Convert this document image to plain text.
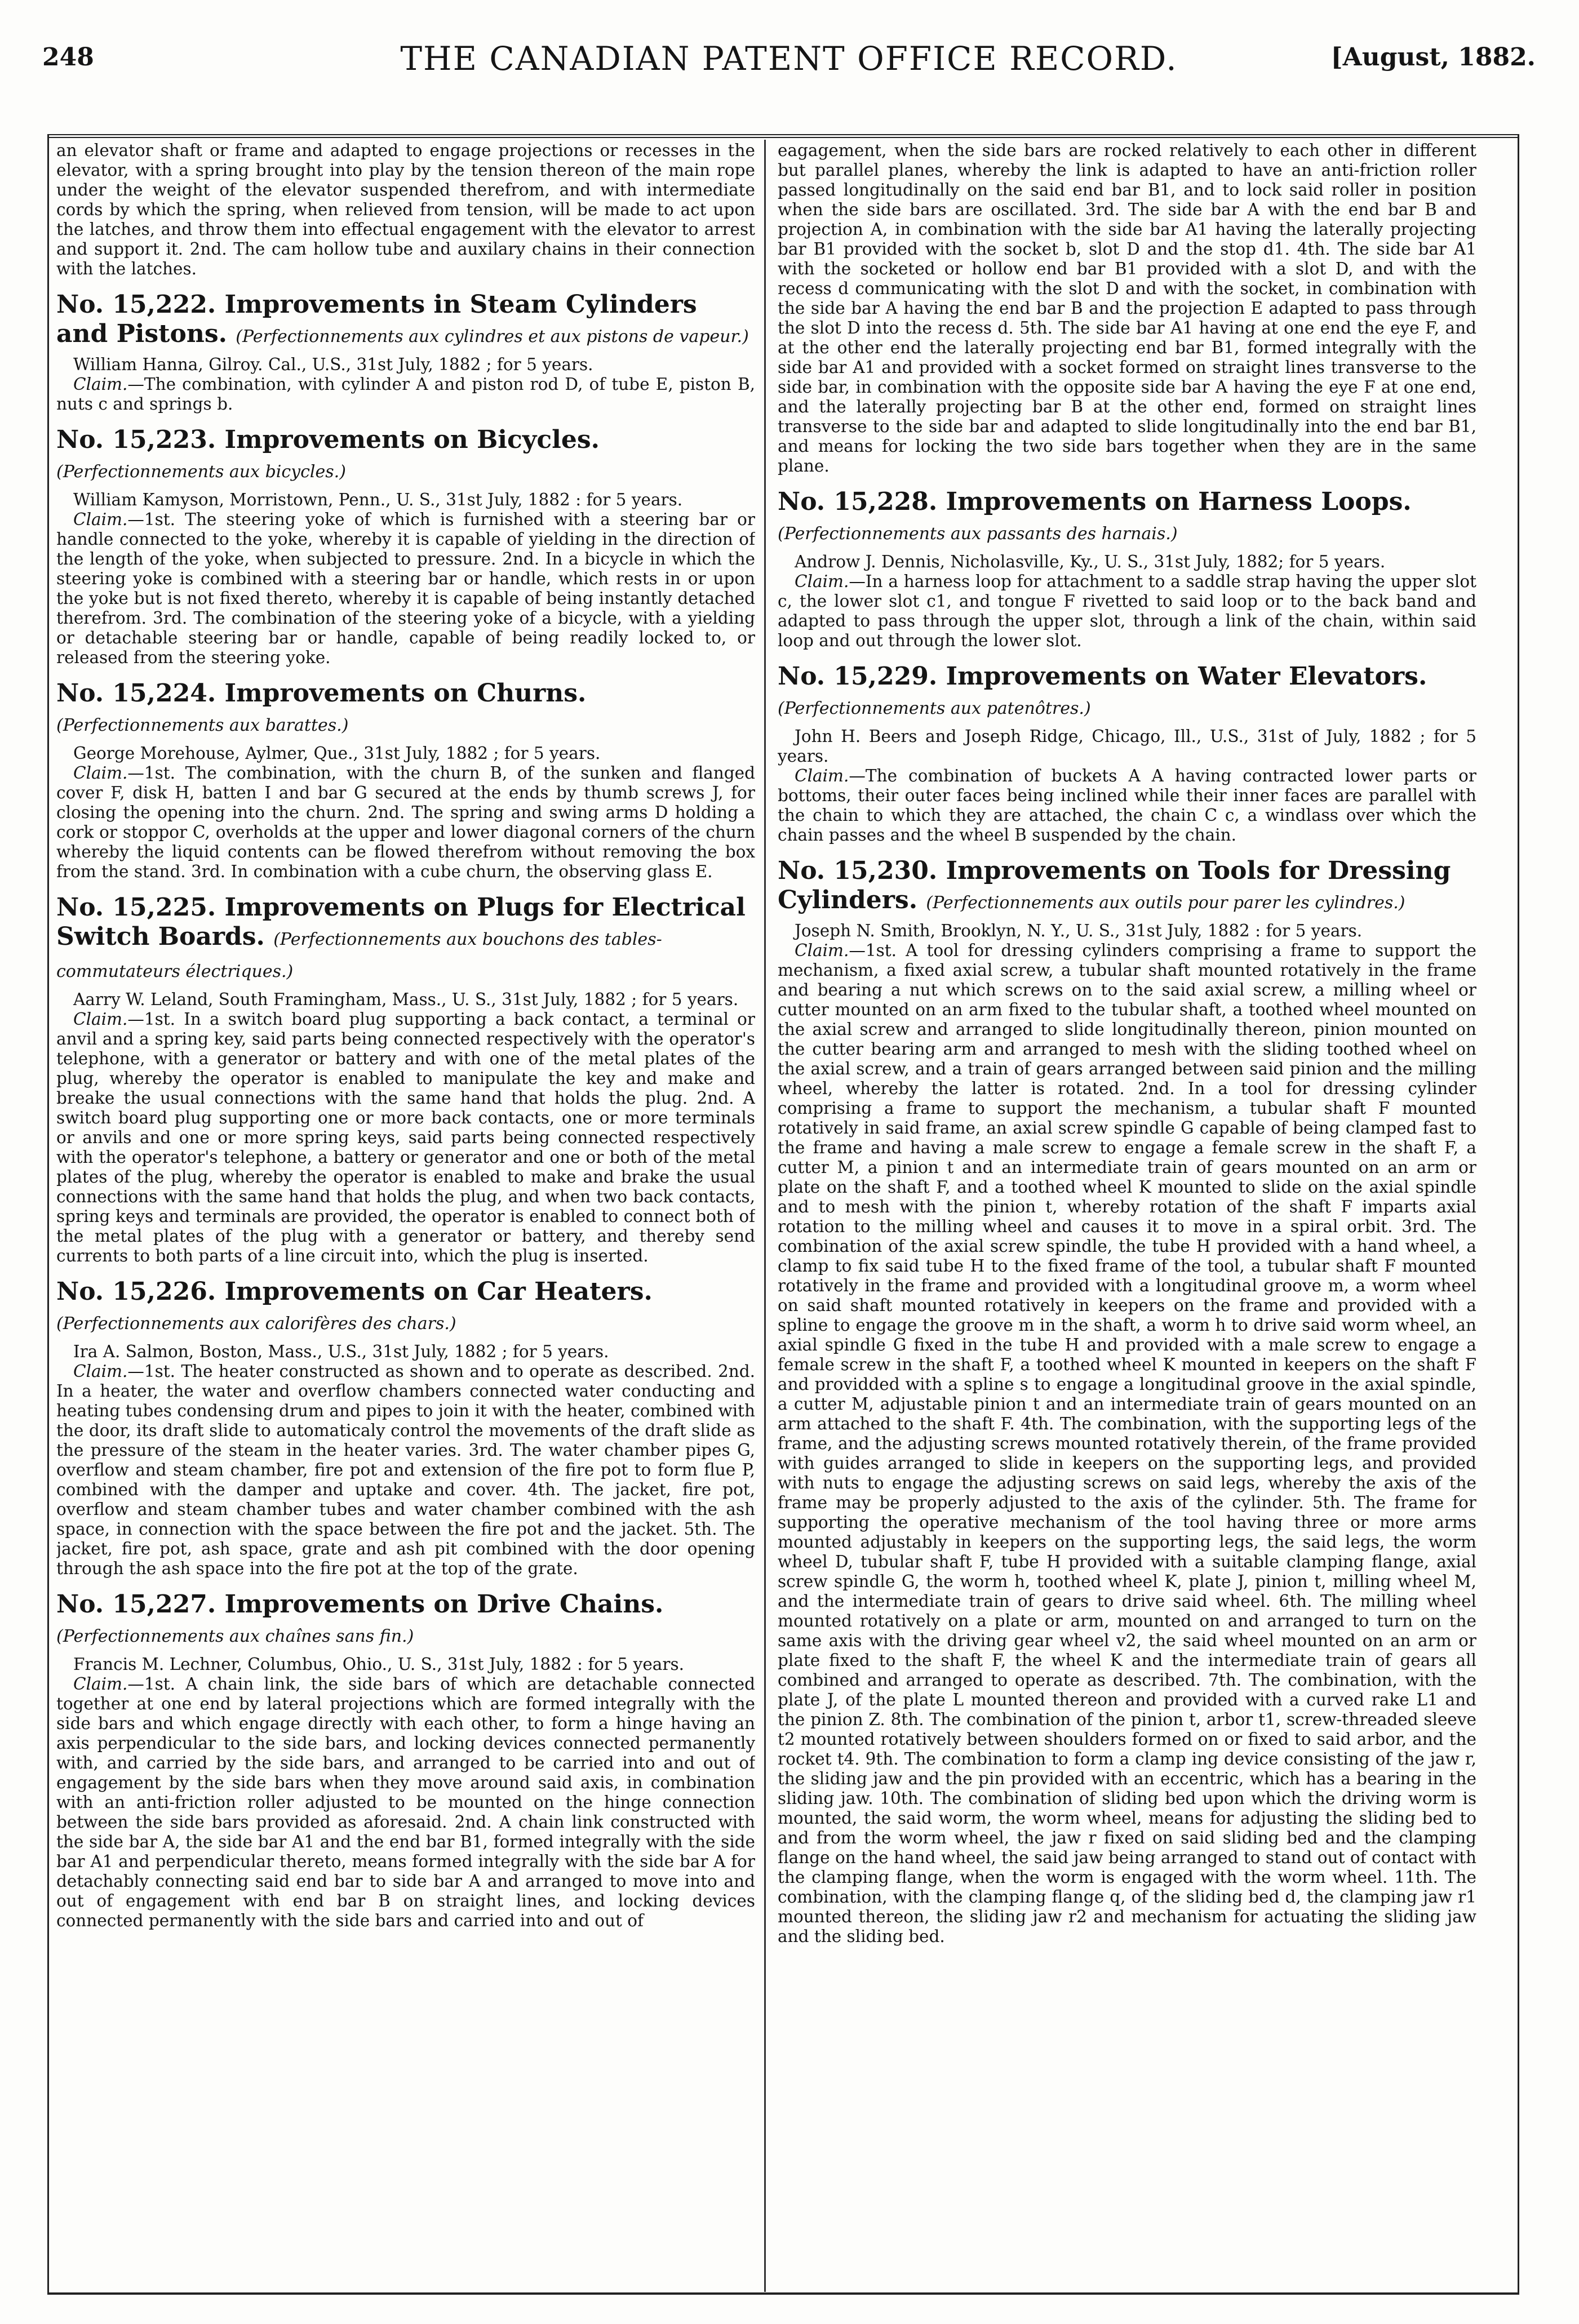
248	THE CANADIAN PATENT OFFICE RECORD.	[August, 1882.

an elevator shaft or frame and adapted to engage projections or recesses in the elevator, with a spring brought into play by the tension thereon of the main rope under the weight of the elevator suspended therefrom, and with intermediate cords by which the spring, when relieved from tension, will be made to act upon the latches, and throw them into effectual engagement with the elevator to arrest and support it. 2nd. The cam hollow tube and auxilary chains in their connection with the latches.

No. 15,222. Improvements in Steam Cylinders and Pistons. (Perfectionnements aux cylindres et aux pistons de vapeur.)

William Hanna, Gilroy. Cal., U.S., 31st July, 1882 ; for 5 years.

Claim.—The combination, with cylinder A and piston rod D, of tube E, piston B, nuts c and springs b.

No. 15,223. Improvements on Bicycles. (Perfectionnements aux bicycles.)

William Kamyson, Morristown, Penn., U. S., 31st July, 1882 : for 5 years.

Claim.—1st. The steering yoke of which is furnished with a steering bar or handle connected to the yoke, whereby it is capable of yielding in the direction of the length of the yoke, when subjected to pressure. 2nd. In a bicycle in which the steering yoke is combined with a steering bar or handle, which rests in or upon the yoke but is not fixed thereto, whereby it is capable of being instantly detached therefrom. 3rd. The combination of the steering yoke of a bicycle, with a yielding or detachable steering bar or handle, capable of being readily locked to, or released from the steering yoke.

No. 15,224. Improvements on Churns. (Perfectionnements aux barattes.)

George Morehouse, Aylmer, Que., 31st July, 1882 ; for 5 years.

Claim.—1st. The combination, with the churn B, of the sunken and flanged cover F, disk H, batten I and bar G secured at the ends by thumb screws J, for closing the opening into the churn. 2nd. The spring and swing arms D holding a cork or stoppor C, overholds at the upper and lower diagonal corners of the churn whereby the liquid contents can be flowed therefrom without removing the box from the stand. 3rd. In combination with a cube churn, the observing glass E.

No. 15,225. Improvements on Plugs for Electrical Switch Boards. (Perfectionnements aux bouchons des tables-commutateurs électriques.)

Aarry W. Leland, South Framingham, Mass., U. S., 31st July, 1882 ; for 5 years.

Claim.—1st. In a switch board plug supporting a back contact, a terminal or anvil and a spring key, said parts being connected respectively with the operator's telephone, with a generator or battery and with one of the metal plates of the plug, whereby the operator is enabled to manipulate the key and make and breake the usual connections with the same hand that holds the plug. 2nd. A switch board plug supporting one or more back contacts, one or more terminals or anvils and one or more spring keys, said parts being connected respectively with the operator's telephone, a battery or generator and one or both of the metal plates of the plug, whereby the operator is enabled to make and brake the usual connections with the same hand that holds the plug, and when two back contacts, spring keys and terminals are provided, the operator is enabled to connect both of the metal plates of the plug with a generator or battery, and thereby send currents to both parts of a line circuit into, which the plug is inserted.

No. 15,226. Improvements on Car Heaters. (Perfectionnements aux calorifères des chars.)

Ira A. Salmon, Boston, Mass., U.S., 31st July, 1882 ; for 5 years.

Claim.—1st. The heater constructed as shown and to operate as described. 2nd. In a heater, the water and overflow chambers connected water conducting and heating tubes condensing drum and pipes to join it with the heater, combined with the door, its draft slide to automaticaly control the movements of the draft slide as the pressure of the steam in the heater varies. 3rd. The water chamber pipes G, overflow and steam chamber, fire pot and extension of the fire pot to form flue P, combined with the damper and uptake and cover. 4th. The jacket, fire pot, overflow and steam chamber tubes and water chamber combined with the ash space, in connection with the space between the fire pot and the jacket. 5th. The jacket, fire pot, ash space, grate and ash pit combined with the door opening through the ash space into the fire pot at the top of the grate.

No. 15,227. Improvements on Drive Chains. (Perfectionnements aux chaînes sans fin.)

Francis M. Lechner, Columbus, Ohio., U. S., 31st July, 1882 : for 5 years.

Claim.—1st. A chain link, the side bars of which are detachable connected together at one end by lateral projections which are formed integrally with the side bars and which engage directly with each other, to form a hinge having an axis perpendicular to the side bars, and locking devices connected permanently with, and carried by the side bars, and arranged to be carried into and out of engagement by the side bars when they move around said axis, in combination with an anti-friction roller adjusted to be mounted on the hinge connection between the side bars provided as aforesaid. 2nd. A chain link constructed with the side bar A, the side bar A1 and the end bar B1, formed integrally with the side bar A1 and perpendicular thereto, means formed integrally with the side bar A for detachably connecting said end bar to side bar A and arranged to move into and out of engagement with end bar B on straight lines, and locking devices connected permanently with the side bars and carried into and out of

eagagement, when the side bars are rocked relatively to each other in different but parallel planes, whereby the link is adapted to have an anti-friction roller passed longitudinally on the said end bar B1, and to lock said roller in position when the side bars are oscillated. 3rd. The side bar A with the end bar B and projection A, in combination with the side bar A1 having the laterally projecting bar B1 provided with the socket b, slot D and the stop d1. 4th. The side bar A1 with the socketed or hollow end bar B1 provided with a slot D, and with the recess d communicating with the slot D and with the socket, in combination with the side bar A having the end bar B and the projection E adapted to pass through the slot D into the recess d. 5th. The side bar A1 having at one end the eye F, and at the other end the laterally projecting end bar B1, formed integrally with the side bar A1 and provided with a socket formed on straight lines transverse to the side bar, in combination with the opposite side bar A having the eye F at one end, and the laterally projecting bar B at the other end, formed on straight lines transverse to the side bar and adapted to slide longitudinally into the end bar B1, and means for locking the two side bars together when they are in the same plane.

No. 15,228. Improvements on Harness Loops. (Perfectionnements aux passants des harnais.)

Androw J. Dennis, Nicholasville, Ky., U. S., 31st July, 1882; for 5 years.

Claim.—In a harness loop for attachment to a saddle strap having the upper slot c, the lower slot c1, and tongue F rivetted to said loop or to the back band and adapted to pass through the upper slot, through a link of the chain, within said loop and out through the lower slot.

No. 15,229. Improvements on Water Elevators. (Perfectionnements aux patenôtres.)

John H. Beers and Joseph Ridge, Chicago, Ill., U.S., 31st of July, 1882 ; for 5 years.

Claim.—The combination of buckets A A having contracted lower parts or bottoms, their outer faces being inclined while their inner faces are parallel with the chain to which they are attached, the chain C c, a windlass over which the chain passes and the wheel B suspended by the chain.

No. 15,230. Improvements on Tools for Dressing Cylinders. (Perfectionnements aux outils pour parer les cylindres.)

Joseph N. Smith, Brooklyn, N. Y., U. S., 31st July, 1882 : for 5 years.

Claim.—1st. A tool for dressing cylinders comprising a frame to support the mechanism, a fixed axial screw, a tubular shaft mounted rotatively in the frame and bearing a nut which screws on to the said axial screw, a milling wheel or cutter mounted on an arm fixed to the tubular shaft, a toothed wheel mounted on the axial screw and arranged to slide longitudinally thereon, pinion mounted on the cutter bearing arm and arranged to mesh with the sliding toothed wheel on the axial screw, and a train of gears arranged between said pinion and the milling wheel, whereby the latter is rotated. 2nd. In a tool for dressing cylinder comprising a frame to support the mechanism, a tubular shaft F mounted rotatively in said frame, an axial screw spindle G capable of being clamped fast to the frame and having a male screw to engage a female screw in the shaft F, a cutter M, a pinion t and an intermediate train of gears mounted on an arm or plate on the shaft F, and a toothed wheel K mounted to slide on the axial spindle and to mesh with the pinion t, whereby rotation of the shaft F imparts axial rotation to the milling wheel and causes it to move in a spiral orbit. 3rd. The combination of the axial screw spindle, the tube H provided with a hand wheel, a clamp to fix said tube H to the fixed frame of the tool, a tubular shaft F mounted rotatively in the frame and provided with a longitudinal groove m, a worm wheel on said shaft mounted rotatively in keepers on the frame and provided with a spline to engage the groove m in the shaft, a worm h to drive said worm wheel, an axial spindle G fixed in the tube H and provided with a male screw to engage a female screw in the shaft F, a toothed wheel K mounted in keepers on the shaft F and providded with a spline s to engage a longitudinal groove in the axial spindle, a cutter M, adjustable pinion t and an intermediate train of gears mounted on an arm attached to the shaft F. 4th. The combination, with the supporting legs of the frame, and the adjusting screws mounted rotatively therein, of the frame provided with guides arranged to slide in keepers on the supporting legs, and provided with nuts to engage the adjusting screws on said legs, whereby the axis of the frame may be properly adjusted to the axis of the cylinder. 5th. The frame for supporting the operative mechanism of the tool having three or more arms mounted adjustably in keepers on the supporting legs, the said legs, the worm wheel D, tubular shaft F, tube H provided with a suitable clamping flange, axial screw spindle G, the worm h, toothed wheel K, plate J, pinion t, milling wheel M, and the intermediate train of gears to drive said wheel. 6th. The milling wheel mounted rotatively on a plate or arm, mounted on and arranged to turn on the same axis with the driving gear wheel v2, the said wheel mounted on an arm or plate fixed to the shaft F, the wheel K and the intermediate train of gears all combined and arranged to operate as described. 7th. The combination, with the plate J, of the plate L mounted thereon and provided with a curved rake L1 and the pinion Z. 8th. The combination of the pinion t, arbor t1, screw-threaded sleeve t2 mounted rotatively between shoulders formed on or fixed to said arbor, and the rocket t4. 9th. The combination to form a clamp ing device consisting of the jaw r, the sliding jaw and the pin provided with an eccentric, which has a bearing in the sliding jaw. 10th. The combination of sliding bed upon which the driving worm is mounted, the said worm, the worm wheel, means for adjusting the sliding bed to and from the worm wheel, the jaw r fixed on said sliding bed and the clamping flange on the hand wheel, the said jaw being arranged to stand out of contact with the clamping flange, when the worm is engaged with the worm wheel. 11th. The combination, with the clamping flange q, of the sliding bed d, the clamping jaw r1 mounted thereon, the sliding jaw r2 and mechanism for actuating the sliding jaw and the sliding bed.
